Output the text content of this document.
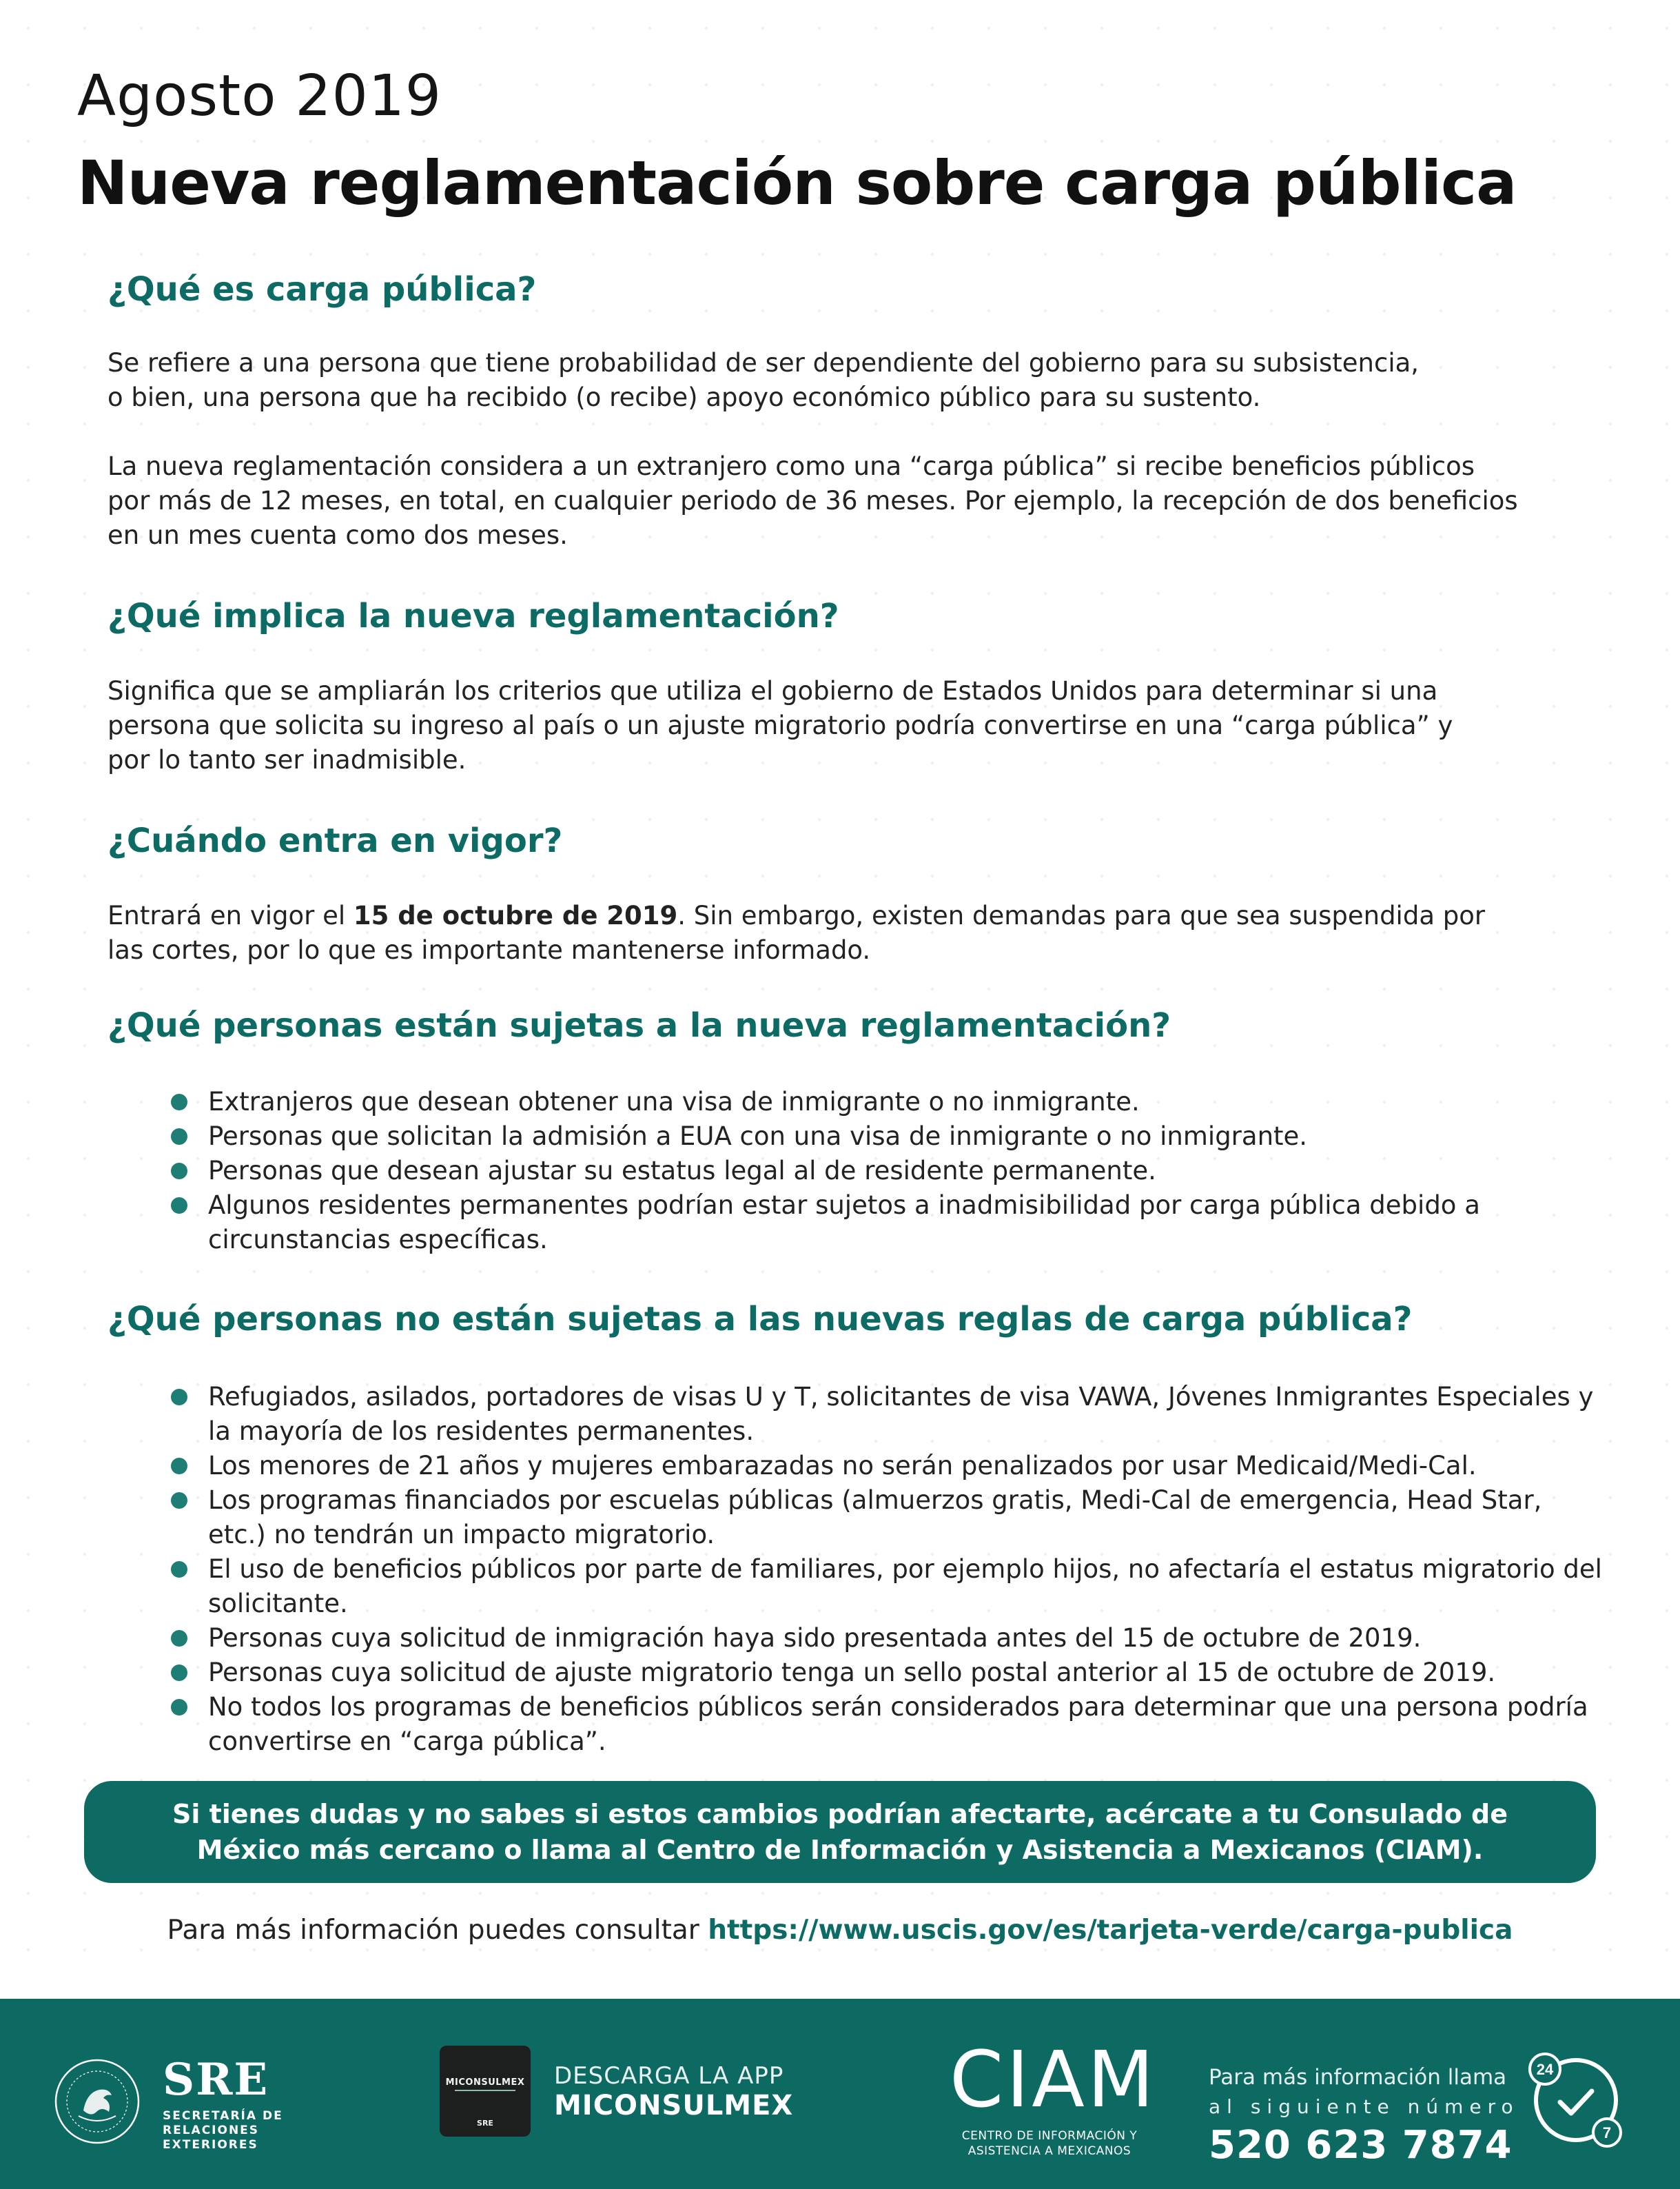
Agosto 2019
Nueva reglamentación sobre carga pública
¿Qué es carga pública?
Se refiere a una persona que tiene probabilidad de ser dependiente del gobierno para su subsistencia,
o bien, una persona que ha recibido (o recibe) apoyo económico público para su sustento.
La nueva reglamentación considera a un extranjero como una “carga pública” si recibe beneficios públicos
por más de 12 meses, en total, en cualquier periodo de 36 meses. Por ejemplo, la recepción de dos beneficios
en un mes cuenta como dos meses.
¿Qué implica la nueva reglamentación?
Significa que se ampliarán los criterios que utiliza el gobierno de Estados Unidos para determinar si una
persona que solicita su ingreso al país o un ajuste migratorio podría convertirse en una “carga pública” y
por lo tanto ser inadmisible.
¿Cuándo entra en vigor?
Entrará en vigor el 15 de octubre de 2019. Sin embargo, existen demandas para que sea suspendida por
las cortes, por lo que es importante mantenerse informado.
¿Qué personas están sujetas a la nueva reglamentación?
Extranjeros que desean obtener una visa de inmigrante o no inmigrante.
Personas que solicitan la admisión a EUA con una visa de inmigrante o no inmigrante.
Personas que desean ajustar su estatus legal al de residente permanente.
Algunos residentes permanentes podrían estar sujetos a inadmisibilidad por carga pública debido a circunstancias específicas.
¿Qué personas no están sujetas a las nuevas reglas de carga pública?
Refugiados, asilados, portadores de visas U y T, solicitantes de visa VAWA, Jóvenes Inmigrantes Especiales y la mayoría de los residentes permanentes.
Los menores de 21 años y mujeres embarazadas no serán penalizados por usar Medicaid/Medi-Cal.
Los programas financiados por escuelas públicas (almuerzos gratis, Medi-Cal de emergencia, Head Star, etc.) no tendrán un impacto migratorio.
El uso de beneficios públicos por parte de familiares, por ejemplo hijos, no afectaría el estatus migratorio del solicitante.
Personas cuya solicitud de inmigración haya sido presentada antes del 15 de octubre de 2019.
Personas cuya solicitud de ajuste migratorio tenga un sello postal anterior al 15 de octubre de 2019.
No todos los programas de beneficios públicos serán considerados para determinar que una persona podría convertirse en “carga pública”.
Si tienes dudas y no sabes si estos cambios podrían afectarte, acércate a tu Consulado de México más cercano o llama al Centro de Información y Asistencia a Mexicanos (CIAM).
Para más información puedes consultar https://www.uscis.gov/es/tarjeta-verde/carga-publica
SRE
SECRETARÍA DE RELACIONES EXTERIORES
MICONSULMEX
SRE
DESCARGA LA APP
MICONSULMEX CIAM
CENTRO DE INFORMACIÓN Y ASISTENCIA A MEXICANOS
Para más información llama
al siguiente número
520 623 7874
24
7
